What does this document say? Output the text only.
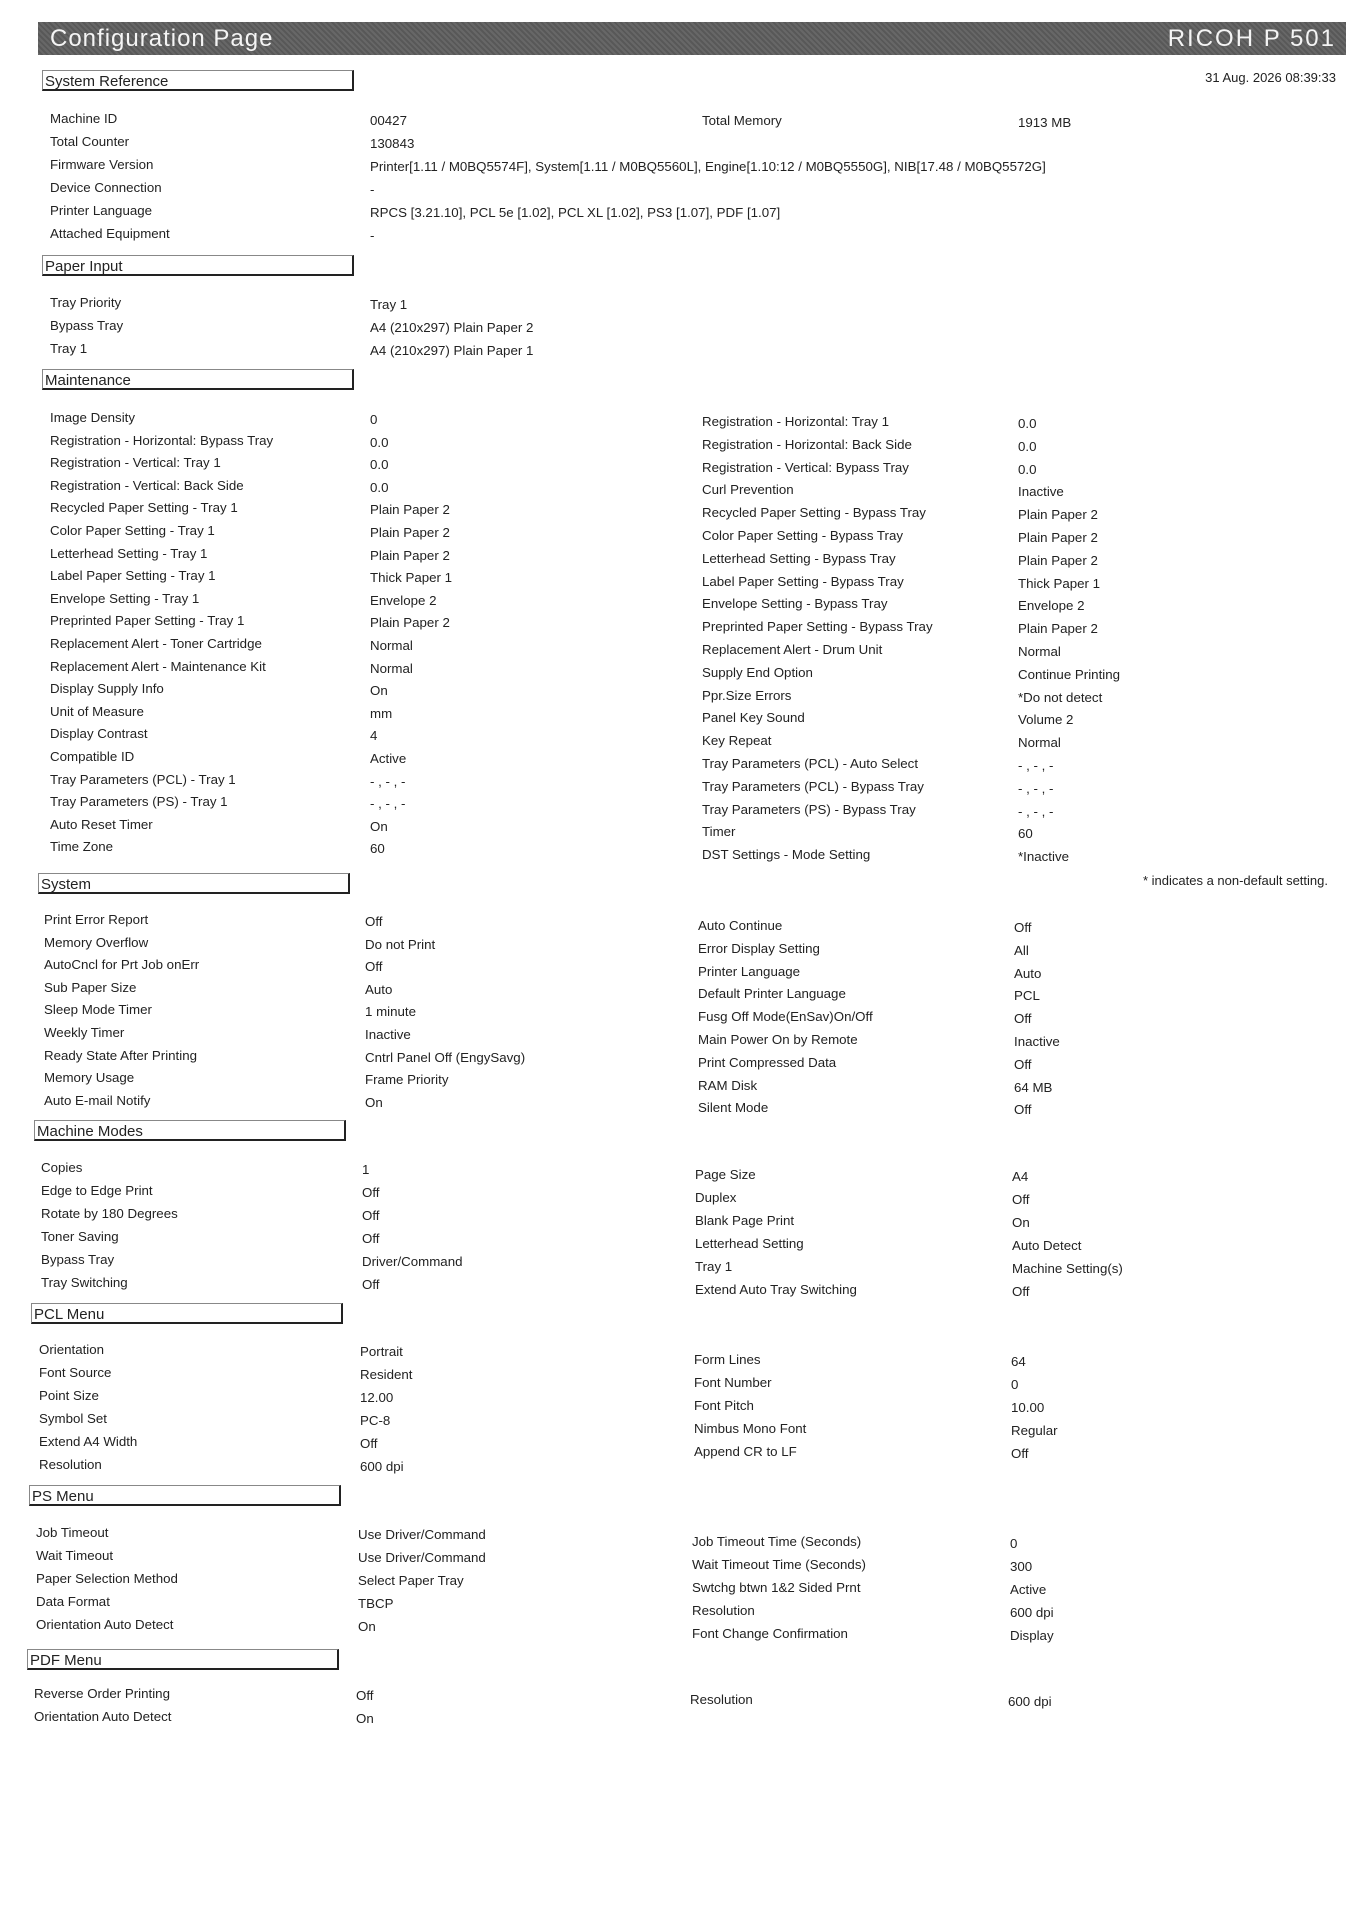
Configuration Page	RICOH P 501
31 Aug. 2026 08:39:33
* indicates a non-default setting.
System Reference
Machine ID	00427
Total Counter	130843
Firmware Version	Printer[1.11 / M0BQ5574F], System[1.11 / M0BQ5560L], Engine[1.10:12 / M0BQ5550G], NIB[17.48 / M0BQ5572G]
Device Connection	-
Printer Language	RPCS [3.21.10], PCL 5e [1.02], PCL XL [1.02], PS3 [1.07], PDF [1.07]
Attached Equipment	-
Total Memory	1913 MB
Paper Input
Tray Priority	Tray 1
Bypass Tray	A4 (210x297) Plain Paper 2
Tray 1	A4 (210x297) Plain Paper 1
Maintenance
Image Density	0
Registration - Horizontal: Bypass Tray	0.0
Registration - Vertical: Tray 1	0.0
Registration - Vertical: Back Side	0.0
Recycled Paper Setting - Tray 1	Plain Paper 2
Color Paper Setting - Tray 1	Plain Paper 2
Letterhead Setting - Tray 1	Plain Paper 2
Label Paper Setting - Tray 1	Thick Paper 1
Envelope Setting - Tray 1	Envelope 2
Preprinted Paper Setting - Tray 1	Plain Paper 2
Replacement Alert - Toner Cartridge	Normal
Replacement Alert - Maintenance Kit	Normal
Display Supply Info	On
Unit of Measure	mm
Display Contrast	4
Compatible ID	Active
Tray Parameters (PCL) - Tray 1	- , - , -
Tray Parameters (PS) - Tray 1	- , - , -
Auto Reset Timer	On
Time Zone	60
Registration - Horizontal: Tray 1	0.0
Registration - Horizontal: Back Side	0.0
Registration - Vertical: Bypass Tray	0.0
Curl Prevention	Inactive
Recycled Paper Setting - Bypass Tray	Plain Paper 2
Color Paper Setting - Bypass Tray	Plain Paper 2
Letterhead Setting - Bypass Tray	Plain Paper 2
Label Paper Setting - Bypass Tray	Thick Paper 1
Envelope Setting - Bypass Tray	Envelope 2
Preprinted Paper Setting - Bypass Tray	Plain Paper 2
Replacement Alert - Drum Unit	Normal
Supply End Option	Continue Printing
Ppr.Size Errors	*Do not detect
Panel Key Sound	Volume 2
Key Repeat	Normal
Tray Parameters (PCL) - Auto Select	- , - , -
Tray Parameters (PCL) - Bypass Tray	- , - , -
Tray Parameters (PS) - Bypass Tray	- , - , -
Timer	60
DST Settings - Mode Setting	*Inactive
System
Print Error Report	Off
Memory Overflow	Do not Print
AutoCncl for Prt Job onErr	Off
Sub Paper Size	Auto
Sleep Mode Timer	1 minute
Weekly Timer	Inactive
Ready State After Printing	Cntrl Panel Off (EngySavg)
Memory Usage	Frame Priority
Auto E-mail Notify	On
Auto Continue	Off
Error Display Setting	All
Printer Language	Auto
Default Printer Language	PCL
Fusg Off Mode(EnSav)On/Off	Off
Main Power On by Remote	Inactive
Print Compressed Data	Off
RAM Disk	64 MB
Silent Mode	Off
Machine Modes
Copies	1
Edge to Edge Print	Off
Rotate by 180 Degrees	Off
Toner Saving	Off
Bypass Tray	Driver/Command
Tray Switching	Off
Page Size	A4
Duplex	Off
Blank Page Print	On
Letterhead Setting	Auto Detect
Tray 1	Machine Setting(s)
Extend Auto Tray Switching	Off
PCL Menu
Orientation	Portrait
Font Source	Resident
Point Size	12.00
Symbol Set	PC-8
Extend A4 Width	Off
Resolution	600 dpi
Form Lines	64
Font Number	0
Font Pitch	10.00
Nimbus Mono Font	Regular
Append CR to LF	Off
PS Menu
Job Timeout	Use Driver/Command
Wait Timeout	Use Driver/Command
Paper Selection Method	Select Paper Tray
Data Format	TBCP
Orientation Auto Detect	On
Job Timeout Time (Seconds)	0
Wait Timeout Time (Seconds)	300
Swtchg btwn 1&2 Sided Prnt	Active
Resolution	600 dpi
Font Change Confirmation	Display
PDF Menu
Reverse Order Printing	Off
Orientation Auto Detect	On
Resolution	600 dpi
